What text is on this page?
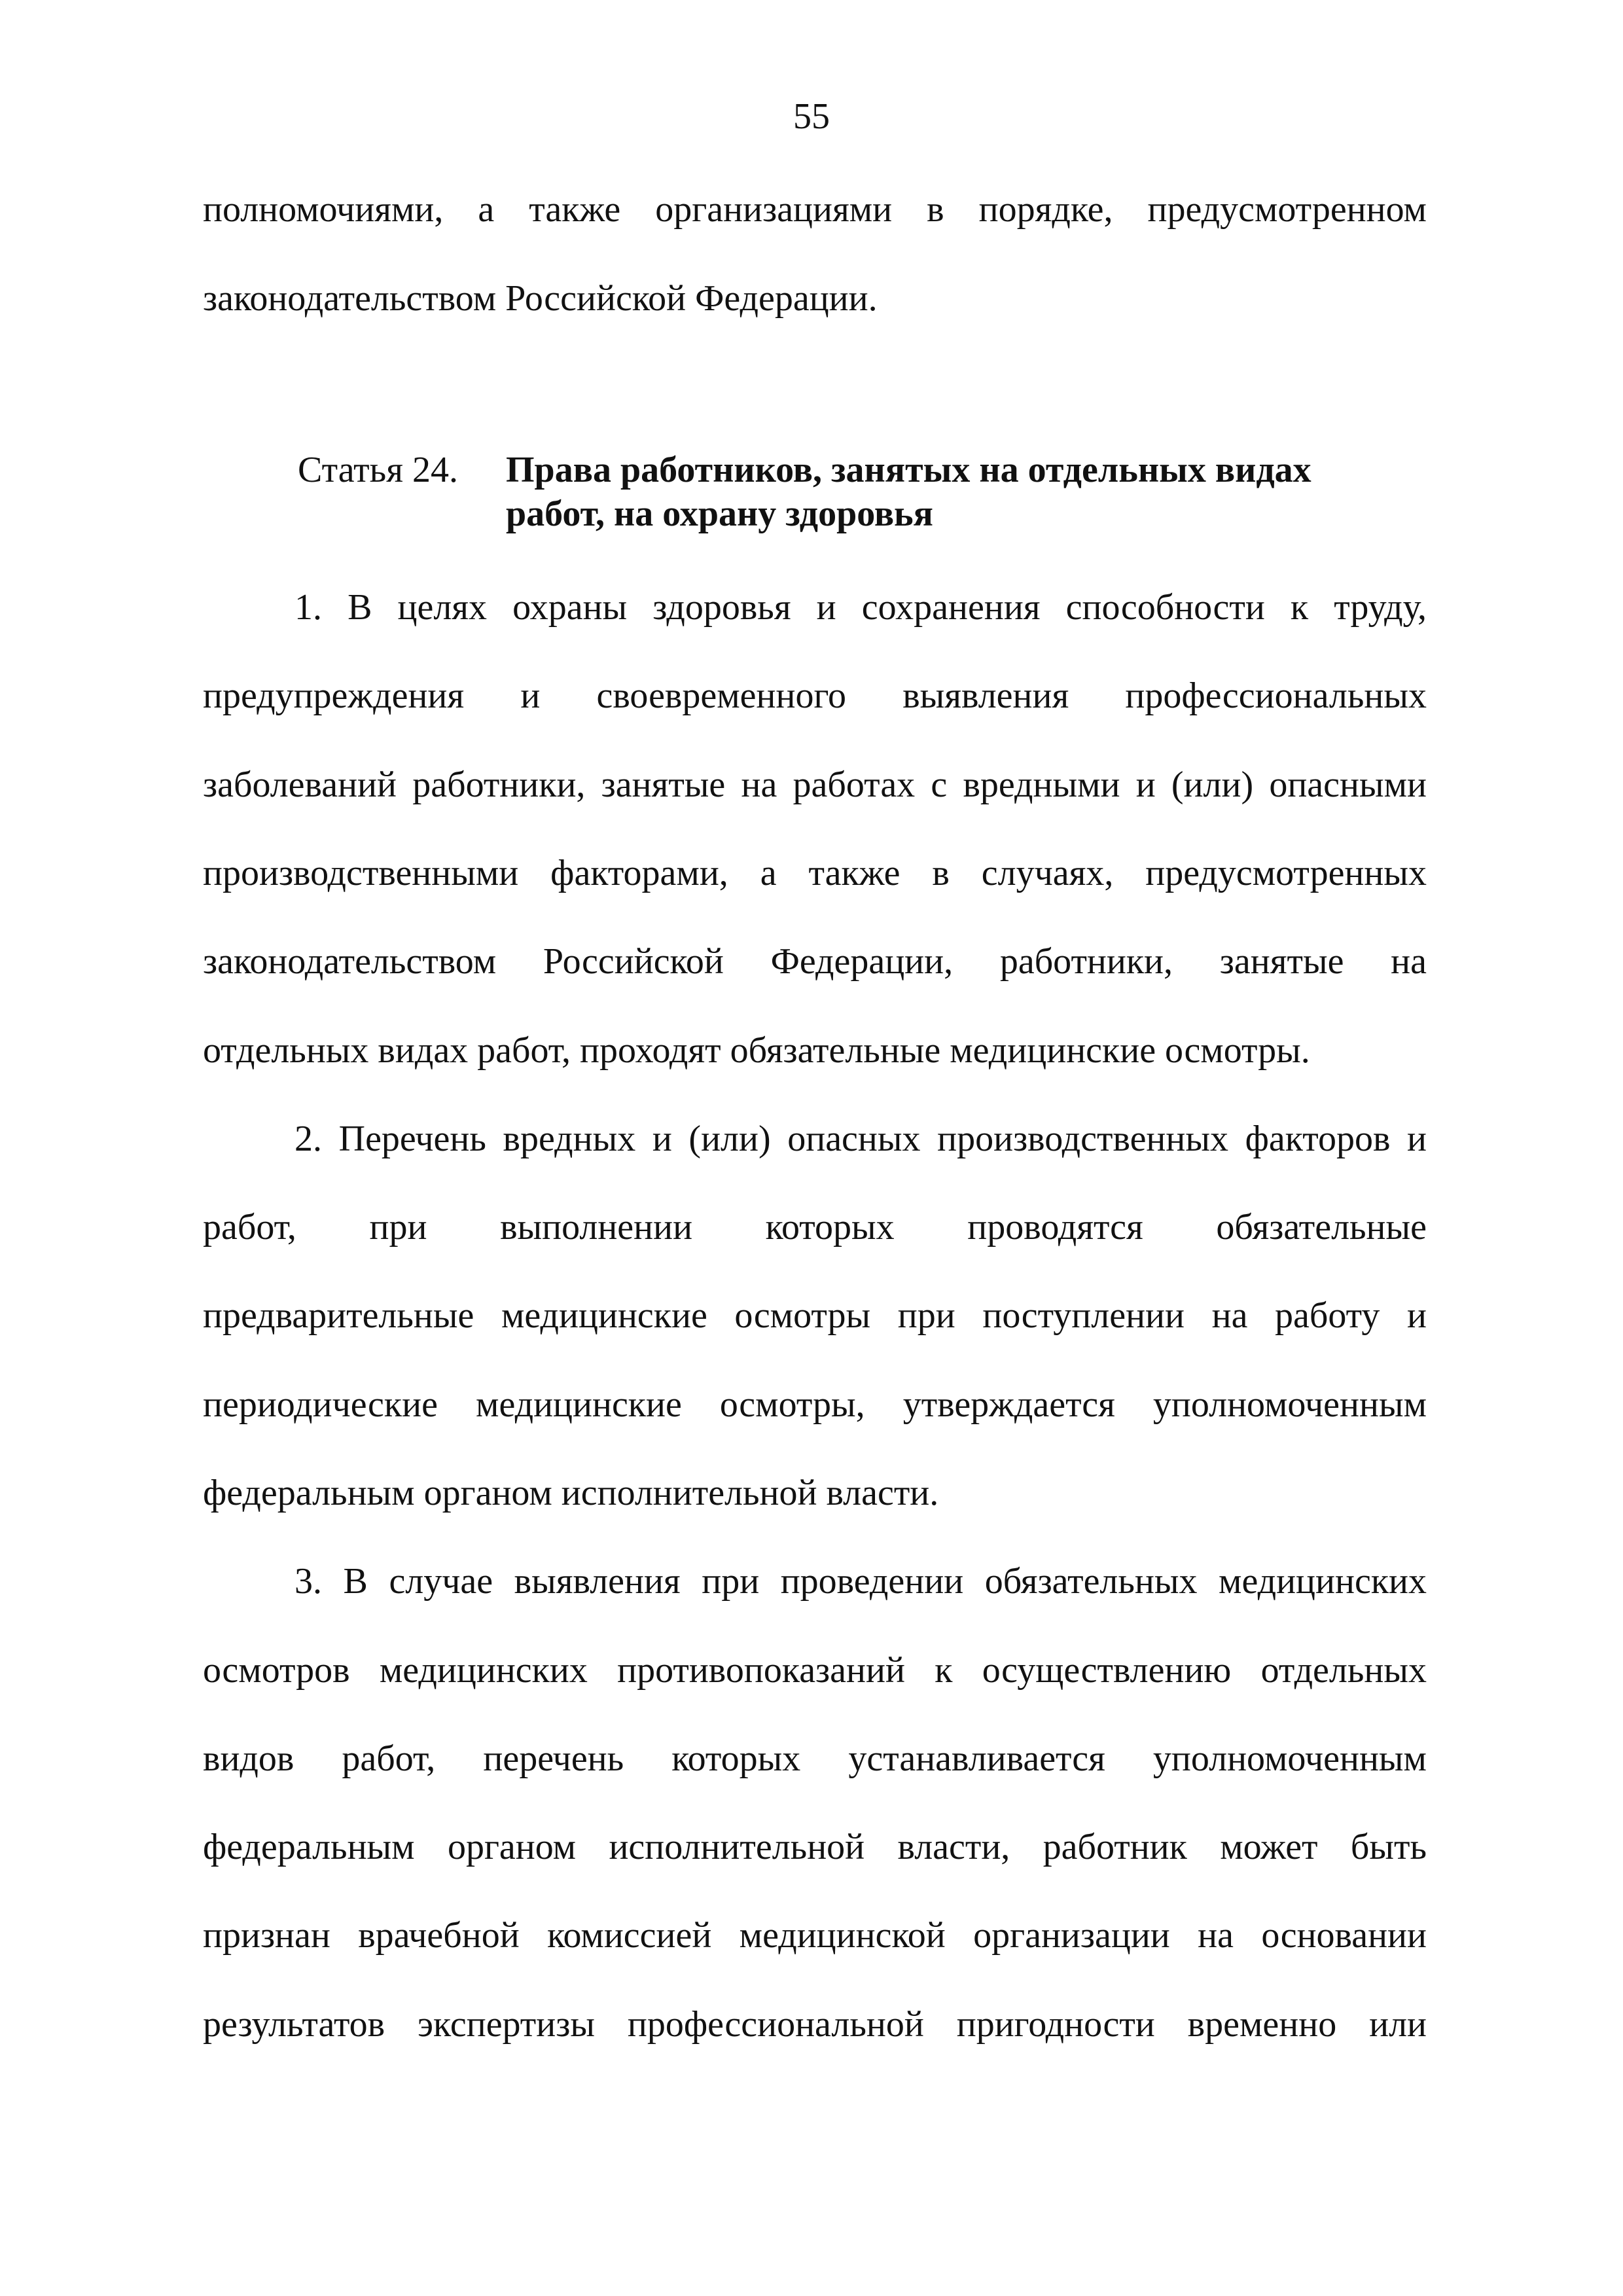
55
полномочиями, а также организациями в порядке, предусмотренном
законодательством Российской Федерации.
Статья 24. Права работников, занятых на отдельных видах
работ, на охрану здоровья
1. В целях охраны здоровья и сохранения способности к труду,
предупреждения и своевременного выявления профессиональных
заболеваний работники, занятые на работах с вредными и (или) опасными
производственными факторами, а также в случаях, предусмотренных
законодательством Российской Федерации, работники, занятые на
отдельных видах работ, проходят обязательные медицинские осмотры.
2. Перечень вредных и (или) опасных производственных факторов и
работ, при выполнении которых проводятся обязательные
предварительные медицинские осмотры при поступлении на работу и
периодические медицинские осмотры, утверждается уполномоченным
федеральным органом исполнительной власти.
3. В случае выявления при проведении обязательных медицинских
осмотров медицинских противопоказаний к осуществлению отдельных
видов работ, перечень которых устанавливается уполномоченным
федеральным органом исполнительной власти, работник может быть
признан врачебной комиссией медицинской организации на основании
результатов экспертизы профессиональной пригодности временно или
